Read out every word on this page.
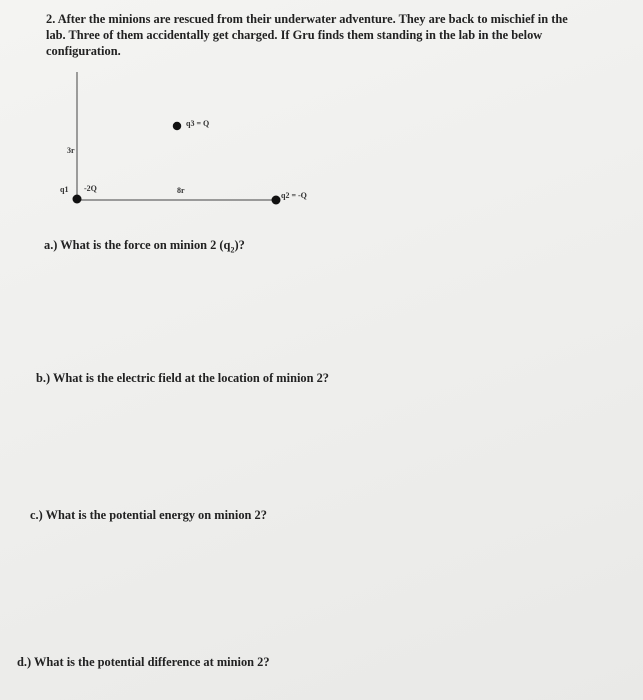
2. After the minions are rescued from their underwater adventure. They are back to mischief in the lab. Three of them accidentally get charged. If Gru finds them standing in the lab in the below configuration.
q3 = Q
3r
q1 -2Q	8r
q2 = -Q
a.) What is the force on minion 2 $(q_2)$?
b.) What is the electric field at the location of minion 2?
c.) What is the potential energy on minion 2?
d.) What is the potential difference at minion 2?
